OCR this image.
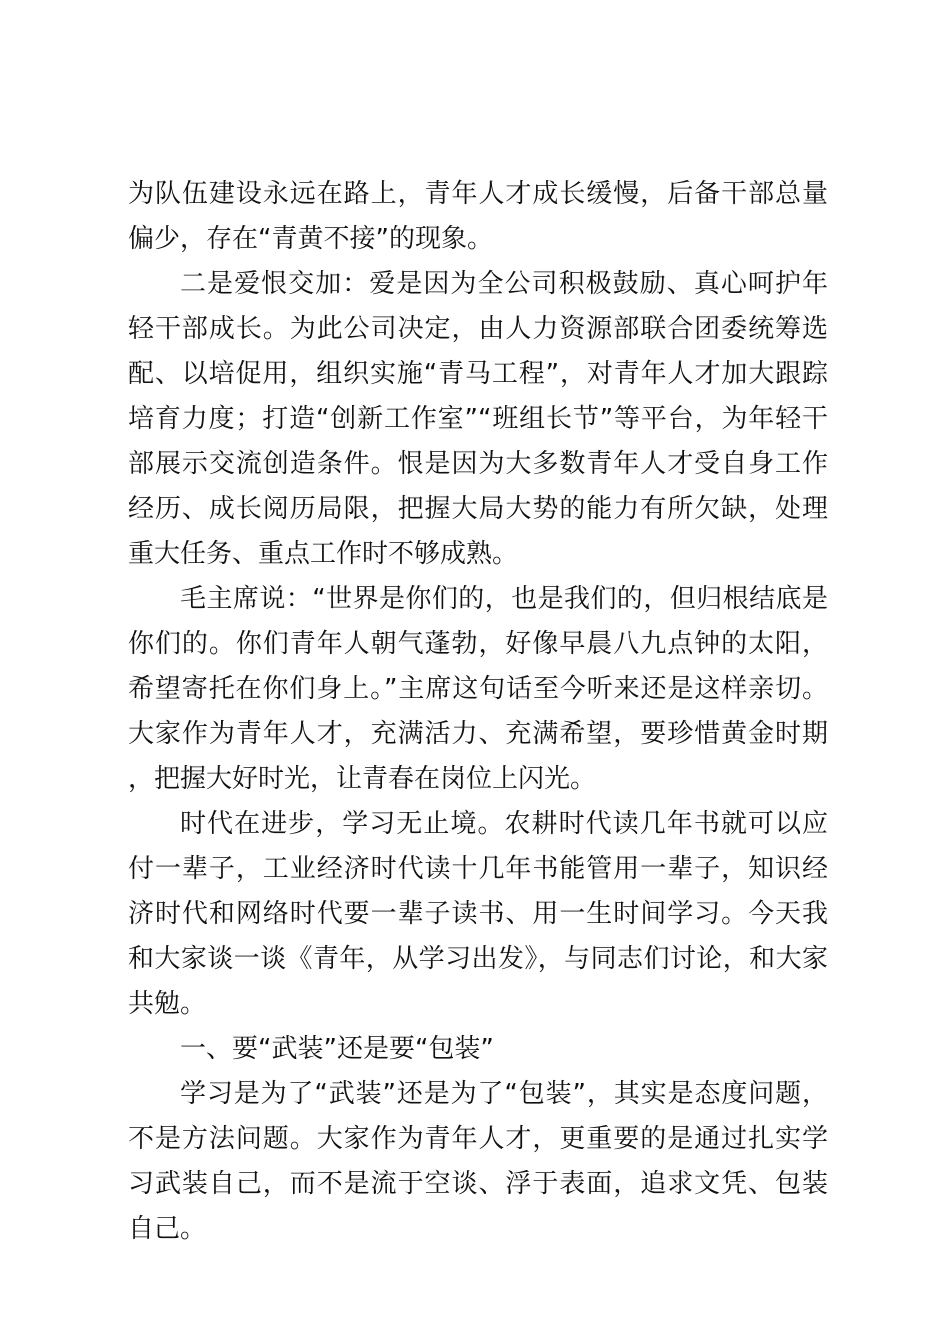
为队伍建设永远在路上，青年人才成长缓慢，后备干部总量偏少，存在“青黄不接”的现象。

二是爱恨交加：爱是因为全公司积极鼓励、真心呵护年轻干部成长。为此公司决定，由人力资源部联合团委统筹选配、以培促用，组织实施“青马工程”，对青年人才加大跟踪培育力度；打造“创新工作室”“班组长节”等平台，为年轻干部展示交流创造条件。恨是因为大多数青年人才受自身工作经历、成长阅历局限，把握大局大势的能力有所欠缺，处理重大任务、重点工作时不够成熟。

毛主席说：“世界是你们的，也是我们的，但归根结底是你们的。你们青年人朝气蓬勃，好像早晨八九点钟的太阳，希望寄托在你们身上。”主席这句话至今听来还是这样亲切。大家作为青年人才，充满活力、充满希望，要珍惜黄金时期，把握大好时光，让青春在岗位上闪光。

时代在进步，学习无止境。农耕时代读几年书就可以应付一辈子，工业经济时代读十几年书能管用一辈子，知识经济时代和网络时代要一辈子读书、用一生时间学习。今天我和大家谈一谈《青年，从学习出发》，与同志们讨论，和大家共勉。

一、要“武装”还是要“包装”

学习是为了“武装”还是为了“包装”，其实是态度问题，不是方法问题。大家作为青年人才，更重要的是通过扎实学习武装自己，而不是流于空谈、浮于表面，追求文凭、包装自己。
